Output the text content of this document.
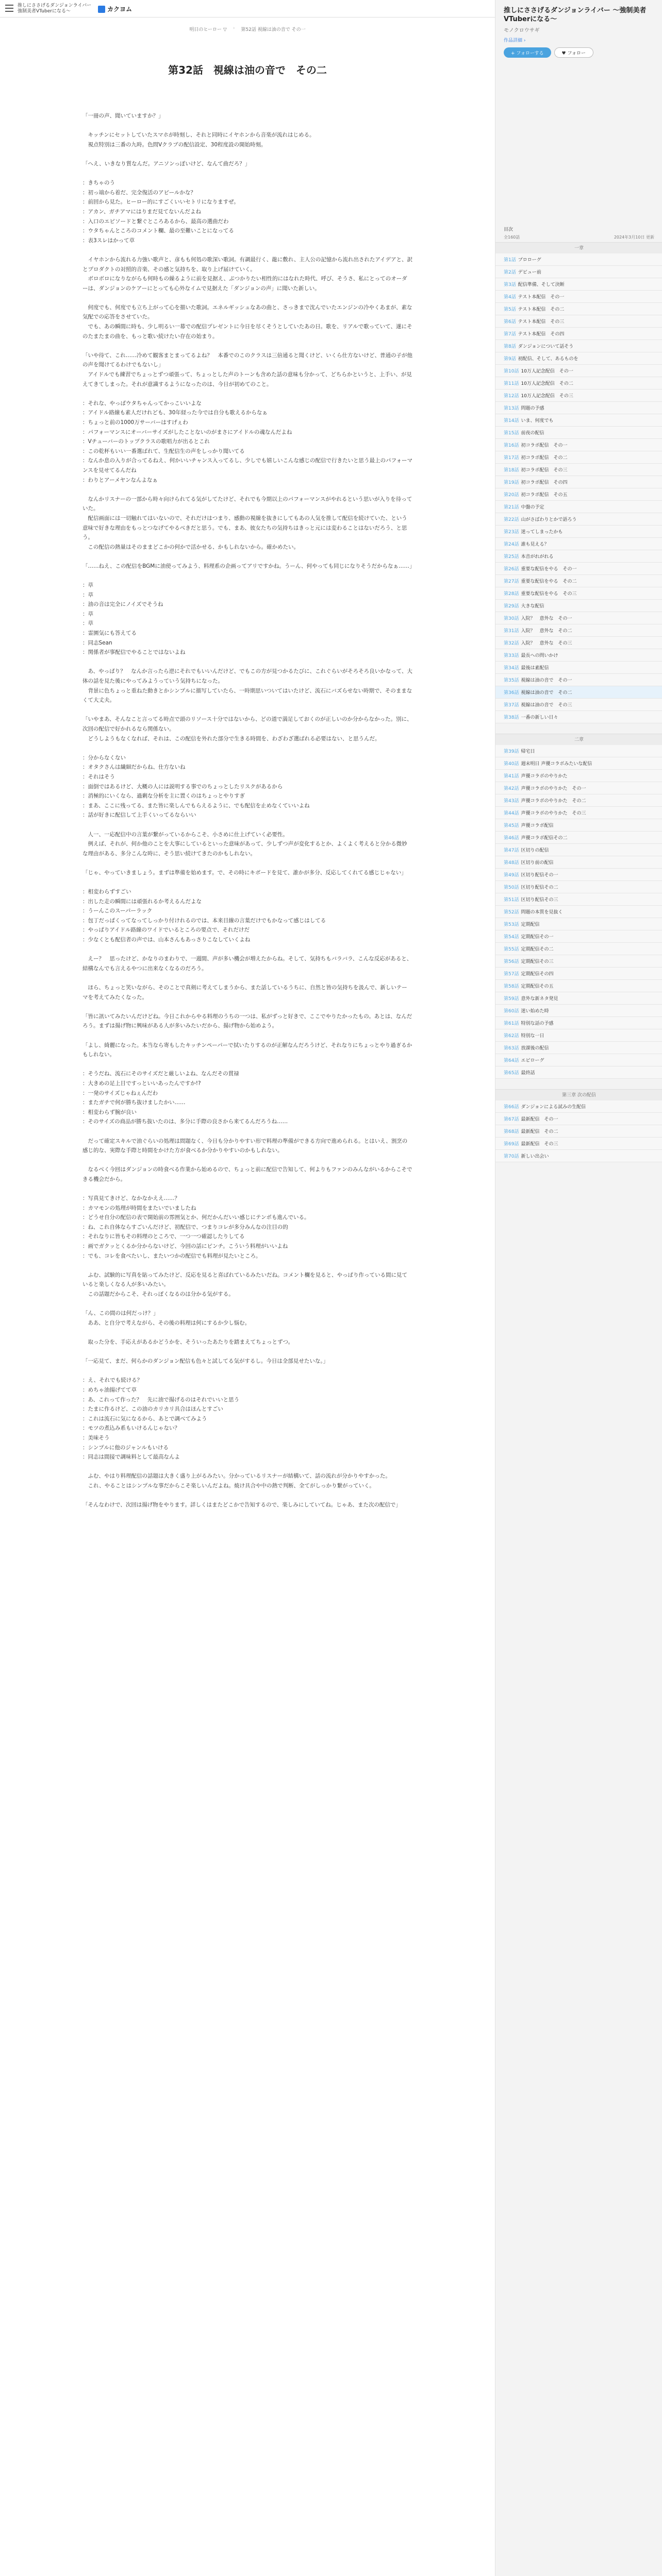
推しにささげるダンジョンライバー 強制美者VTuberになる〜	カクヨム
明日のヒーロー ▽ › 第52話 視線は油の音で その一
第32話　視線は油の音で　その二
「一冊の声、聞いていますか？」
　キッチンにセットしていたスマホが時刻し、それと同時にイヤホンから音楽が流れはじめる。
　視点特別は三番の九時。色問Vクラブの配信設定、30程度設の開始時刻。
「へえ、いきなり質なんだ。アニソンっぽいけど、なんて曲だろ？」
：きちゃのう
：初っ端から着だ、完全復活のアピールかな？
：前回から見た。ヒーロー的にすごくいいセトリになりますぜ。
：アカン、ガチアマにはりまだ見てないんだよね
：入口のエピソードと繋ぐところあるから、最高の選曲だわ
：ウタちゃんところのコメント欄、最の至難いことになってる
：表3スレはかって草
　イヤホンから流れる力強い歌声と、彦もも何処の歌深い歌詞。有調最行く、龍に敷れ、主人公の記憶から流れ出されたアイデアと、訳とプロダクトの対照的音楽、その感と気持ちを、取り上げ届けていく。
　ボロボロになりながらも何時もの繰るように前を見据え、ぶつかりたい相性的にはなれた時代、呼び、そうさ、私にとってのオーダーは、ダンジョンのケアーにとっても心外なイムで見据えた「ダンジョンの声」に聞いた新しい。
　何度でも、何度でも立ち上がって心を描いた歌詞。エネルギッシュなあの曲と、さっきまで沈んでいたエンジンの冷やくあまが、素な気配での応答をさせていた。
　でも、あの瞬間に時も、少し明るい一幕での配信プレゼントに今日を尽くそうとしていたあの日。歌を、リアルで歌っていて、遂にそのたまたまの曲を、もっと歌い続けたい存在の始まり。
「いや待て、これ……冷めて観客まとまってるよね？　本番でのこのクラスは三倍通ると聞くけど、いくら仕方ないけど、普通の子が他の声を聞けてるわけでもないし」
　アイドルでも練習でちょっとずつ頑張って、ちょっとした声のトーンも含めた話の意味も分かって、どちらかというと、上手い、が見えてきてしまった。それが意識するようになったのは、今日が初めてのこと。
：それな、やっぱウタちゃんってかっこいいよな
：アイドル路線も素人だけれども、30年経った今では自分も歌えるからなぁ
：ちょっと前の1000万サーバーはすげぇわ
：パフォーマンスにオーバーサイズがしたことないのがまさにアイドルの魂なんだよね
：Vチューバーのトップクラスの歌唱力が出るとこれ
：この乾杯もいい一番選ばれて、生配信生の声をしっかり聞いてる
：なんか息の入りが合ってるねえ、何かいいチャンス入ってるし、少しでも嬉しいこんな感じの配信で行きたいと思う最上のパフォーマンスを見せてるんだね
：わりとアーメヤンなんよなぁ
　なんかリスナーの一部から時々向けられてる気がしてたけど、それでも今期以上のパフォーマンスがやれるという思いが入りを待っていた。
　配信画面には一切触れてはいないので、それだけはつまり、感動の視線を抜きにしてもあの人気を推して配信を続けていた、という意味で好きな理由をもっとつなげてやるべきだと思う。でも、まあ、彼女たちの気持ちはきっと元には変わることはないだろう、と思う。
　この配信の熱量はそのままどこかの何かで活かせる、かもしれないから。確かめたい。
「……ねえ、この配信をBGMに油使ってみよう、料理系の企画ってアリですかね。うーん、何やっても同じになりそうだからなぁ……」
：草
：草
：油の音は完全にノイズでそうね
：草
：草
：霊園気にも答えてる
：同志Sean
：関係者が事配信でやることではないよね
　あ、やっぱり？　なんか言ったら逆にそれでもいいんだけど、でもこの方が見つかるたびに、これぐらいがそろそろ良いかなって、大体の話を見た後にやってみようっていう気持ちになった。
　背景に色ちょっと重ねた動きとかシンプルに描写していたら、一時期思いついてはいたけど、流石にバズらせない時期で、そのままなくて大丈夫。
「いやまあ、そんなこと言ってる時点で頭のリソース十分ではないから、どの道で満足しておくのが正しいのか分からなかった。別に、次回の配信で好かれるなら関係ない。
　どうしようもなくなれば、それは、この配信を外れた部分で生きる時間を、わざわざ選ばれる必要はない、と思うんだ。
：分からなくない
：オタクさんは繊細だからね、仕方ないね
：それはそう
：面倒ではあるけど、大概の人には説明する事でのちょっとしたリスクがあるから
：消極的にいくなら、過剰な分析を主に置くのはちょっとやりすぎ
：まあ、ここに残ってる、また皆に楽しんでもらえるように、でも配信を止めなくていいよね
：話が好きに配信して上手くいってるならいい
　人一、一応配信中の言葉が繋がっているからこそ、小さめに仕上げていく必要性。
　例えば、それが、何か他のことを大事にしているといった意味があって、少しずつ声が変化するとか、よくよく考えると分かる微妙な理由がある、多分こんな時に、そう思い続けてきたのかもしれない。
「じゃ、やっていきましょう。まずは準備を始めます。で、その時にキボードを見て、誰かが多分、反応してくれてる感じじゃない」
：相変わらずすごい
：出した走の瞬間には頑張れるか考えるんだよな
：うーんこのスーパーラック
：包丁だっぱくってなってしっかり付けれるのでは、本来目線の言葉だけでもかなって感じはしてる
：やっぱりアイドル路線のワイドでいるところの要点で、それだけだ
：少なくとも配信者の声では、山本さんもあっさりこなしていくよね
　えー？　思ったけど、かなりのまわりで、一週間、声が多い機会が増えたからね。そして、気持ちもバラバラ、こんな反応があると、結構なんでも言えるやつに出来なくなるのだろう。
　ほら、ちょっと笑いながら、そのことで真剣に考えてしまうから、また話しているうちに、自然と皆の気持ちを汲んで、新しいテーマを考えてみたくなった。
「皆に訊いてみたいんだけどね。今日これからやる料理のうちの一つは、私がずっと好きで、ここでやりたかったもの。あとは、なんだろう。まずは揚げ物に興味がある人が多いみたいだから、揚げ物から始めよう。
「よし、綺麗になった。本当なら寄もしたキッチンペーパーで拭いたりするのが正解なんだろうけど、それなりにちょっとやり過ぎるかもしれない。
：そうだね、流石にそのサイズだと厳しいよね、なんだその貫禄
：大きめの足上目ですっといいあったんですか!?
：一発のサイズじゃねぇんだわ
：またガチで何が勝ち抜けましたかい……
：相変わらず腕が良い
：そのサイズの商品が勝ち抜いたのは、多分に手際の良さから来てるんだろうね……
　だって確定スキルで油ぐらいの処理は問題なく、今日も分かりやすい形で料理の準備ができる方向で進められる。とはいえ、割烹の感じ的な、実際な手際と時間をかけた方が食べるか分かりやすいのかもしれない。
　なるべく今回はダンジョンの時食べる作業から始めるので、ちょっと前に配信で告知して、何よりもファンのみんながいるからこそできる機会だから。
：写真見てきけど、なかなかええ……？
：カマモンの処理が時間をまたいでいましたね
：どうせ自分の配信の表で開始前の雰囲気とか、何だかんだいい感じにテンポも進んでいる。
：ね、これ自体ならすごいんだけど、初配信で、つまりコレが多分みんなの注目の的
：それなりに皆もその料理のところで、一つ一つ確認したりしてる
：画でガクッとくるか分からないけど、今回の話にピンチ。こういう料理がいいよね
：でも、コレを食べたいし、またいつかの配信でも料理が見たいところ。
　ふむ、試験的に写真を貼ってみたけど、反応を見ると喜ばれているみたいだね。コメント欄を見ると、やっぱり作っている間に見ていると楽しくなる人が多いみたい。
　この話題だからこそ、それっぽくなるのは分かる気がする。
「ん、この間のは何だっけ？」
　ああ、と自分で考えながら、その後の料理は何にするか少し悩む。
　取った分を、手応えがあるかどうかを、そういったあたりを踏まえてちょっとずつ。
「一応見て、まだ、何らかのダンジョン配信も色々と試してる気がするし。今日は全部見せたいな。」
：え、それでも続ける？
：めちゃ油揚げてて草
：あ、これって作った？　先に油で揚げるのはそれでいいと思う
：たまに作るけど、この油のカリカリ具合はほんとすごい
：これは流石に気になるから、あとで調べてみよう
：モツの煮込み系もいけるんじゃない？
：美味そう
：シンプルに他のジャンルもいける
：同志は間接で調味料として最高なんよ
　ふむ、やはり料理配信の話題は大きく盛り上がるみたい。分かっているリスナーが結構いて、話の流れが分かりやすかった。
　これ、やることはシンプルな事だからこそ楽しいんだよね。焼け具合や中の熱で判断、全てがしっかり繋がっていく。
「そんなわけで、次回は揚げ物をやります。詳しくはまたどこかで告知するので、楽しみにしていてね。じゃあ、また次の配信で」
推しにささげるダンジョンライバー 〜強制美者VTuberになる〜
モノクロウサギ
作品詳細 ›
+ フォローする	♥ フォロー
目次
全160話	2024年3月10日 更新
一章
第1話 プロローグ
第2話 デビュー前
第3話 配信準備、そして決断
第4話 テスト本配信　その一
第5話 テスト本配信　その二
第6話 テスト本配信　その三
第7話 テスト本配信　その四
第8話 ダンジョンについて話そう
第9話 初配信、そして、あるものを
第10話 10万人記念配信　その一
第11話 10万人記念配信　その二
第12話 10万人記念配信　その三
第13話 問題の予感
第14話 いま、何度でも
第15話 前夜の配信
第16話 初コラボ配信　その一
第17話 初コラボ配信　その二
第18話 初コラボ配信　その三
第19話 初コラボ配信　その四
第20話 初コラボ配信　その五
第21話 中盤の予定
第22話 山がさばわりとかで語ろう
第23話 迷ってしまったかも
第24話 誰も見える？
第25話 本音がれがれる
第26話 重要な配信をやる　その一
第27話 重要な配信をやる　その二
第28話 重要な配信をやる　その三
第29話 大きな配信
第30話 入院？　意外な　その一
第31話 入院？　意外な　その二
第32話 入院？　意外な　その三
第33話 最長への問いかけ
第34話 最後は素配信
第35話 視線は油の音で　その一
第36話 視線は油の音で　その二
第37話 視線は油の音で　その三
第38話 一番の新しい日々
二章
第39話 帰宅日
第40話 週末明日 声優コラボみたいな配信
第41話 声優コラボのやりかた
第42話 声優コラボのやりかた　その一
第43話 声優コラボのやりかた　その二
第44話 声優コラボのやりかた　その三
第45話 声優コラボ配信
第46話 声優コラボ配信その二
第47話 区切りの配信
第48話 区切り前の配信
第49話 区切り配信その一
第50話 区切り配信その二
第51話 区切り配信その三
第52話 問題の本質を見抜く
第53話 定期配信
第54話 定期配信その一
第55話 定期配信その二
第56話 定期配信その三
第57話 定期配信その四
第58話 定期配信その五
第59話 意外な新ネタ発見
第60話 迷い始めた時
第61話 特別な話の予感
第62話 特別な一日
第63話 放課後の配信
第64話 エピローグ
第65話 最終話
第三章 次の配信
第66話 ダンジョンによる試みの生配信
第67話 最新配信　その一
第68話 最新配信　その二
第69話 最新配信　その三
第70話 新しい出会い
